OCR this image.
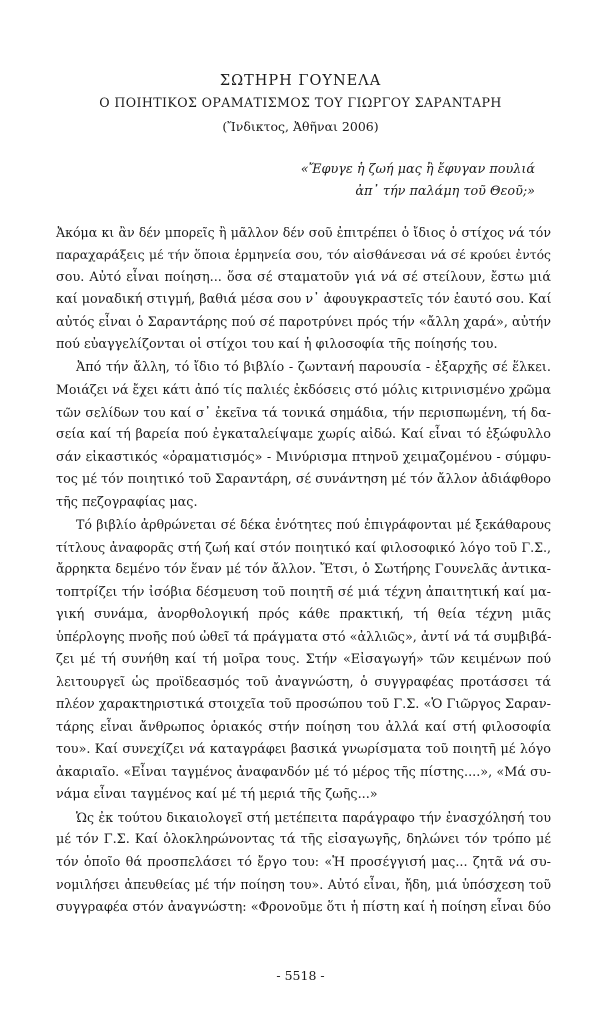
ΣΩΤΗΡΗ ΓΟΥΝΕΛΑ
Ο ΠΟΙΗΤΙΚΟΣ ΟΡΑΜΑΤΙΣΜΟΣ ΤΟΥ ΓΙΩΡΓΟΥ ΣΑΡΑΝΤΑΡΗ
(Ἴνδικτος, Ἀθῆναι 2006)
«Ἔφυγε ἡ ζωή μας ἢ ἔφυγαν πουλιά
ἀπ᾽ τήν παλάμη τοῦ Θεοῦ;»
Ἀκόμα κι ἂν δέν μπορεῖς ἢ μᾶλλον δέν σοῦ ἐπιτρέπει ὁ ἴδιος ὁ στίχος νά τόν
παραχαράξεις μέ τήν ὅποια ἑρμηνεία σου, τόν αἰσθάνεσαι νά σέ κρούει ἐντός
σου. Αὐτό εἶναι ποίηση... ὅσα σέ σταματοῦν γιά νά σέ στείλουν, ἔστω μιά
καί μοναδική στιγμή, βαθιά μέσα σου ν᾽ ἀφουγκραστεῖς τόν ἑαυτό σου. Καί
αὐτός εἶναι ὁ Σαραντάρης πού σέ παροτρύνει πρός τήν «ἄλλη χαρά», αὐτήν
πού εὐαγγελίζονται οἱ στίχοι του καί ἡ φιλοσοφία τῆς ποίησής του.
Ἀπό τήν ἄλλη, τό ἴδιο τό βιβλίο - ζωντανή παρουσία - ἐξαρχῆς σέ ἕλκει.
Μοιάζει νά ἔχει κάτι ἀπό τίς παλιές ἐκδόσεις στό μόλις κιτρινισμένο χρῶμα
τῶν σελίδων του καί σ᾽ ἐκεῖνα τά τονικά σημάδια, τήν περισπωμένη, τή δα-
σεία καί τή βαρεία πού ἐγκαταλείψαμε χωρίς αἰδώ. Καί εἶναι τό ἐξώφυλλο
σάν εἰκαστικός «ὁραματισμός» - Μινύρισμα πτηνοῦ χειμαζομένου - σύμφυ-
τος μέ τόν ποιητικό τοῦ Σαραντάρη, σέ συνάντηση μέ τόν ἄλλον ἀδιάφθορο
τῆς πεζογραφίας μας.
Τό βιβλίο ἀρθρώνεται σέ δέκα ἑνότητες πού ἐπιγράφονται μέ ξεκάθαρους
τίτλους ἀναφορᾶς στή ζωή καί στόν ποιητικό καί φιλοσοφικό λόγο τοῦ Γ.Σ.,
ἄρρηκτα δεμένο τόν ἕναν μέ τόν ἄλλον. Ἔτσι, ὁ Σωτήρης Γουνελᾶς ἀντικα-
τοπτρίζει τήν ἰσόβια δέσμευση τοῦ ποιητῆ σέ μιά τέχνη ἀπαιτητική καί μα-
γική συνάμα, ἀνορθολογική πρός κάθε πρακτική, τή θεία τέχνη μιᾶς
ὑπέρλογης πνοῆς πού ὠθεῖ τά πράγματα στό «ἀλλιῶς», ἀντί νά τά συμβιβά-
ζει μέ τή συνήθη καί τή μοῖρα τους. Στήν «Εἰσαγωγή» τῶν κειμένων πού
λειτουργεῖ ὡς προϊδεασμός τοῦ ἀναγνώστη, ὁ συγγραφέας προτάσσει τά
πλέον χαρακτηριστικά στοιχεῖα τοῦ προσώπου τοῦ Γ.Σ. «Ὁ Γιῶργος Σαραν-
τάρης εἶναι ἄνθρωπος ὁριακός στήν ποίηση του ἀλλά καί στή φιλοσοφία
του». Καί συνεχίζει νά καταγράφει βασικά γνωρίσματα τοῦ ποιητῆ μέ λόγο
ἀκαριαῖο. «Εἶναι ταγμένος ἀναφανδόν μέ τό μέρος τῆς πίστης....», «Μά συ-
νάμα εἶναι ταγμένος καί μέ τή μεριά τῆς ζωῆς...»
Ὡς ἐκ τούτου δικαιολογεῖ στή μετέπειτα παράγραφο τήν ἐνασχόλησή του
μέ τόν Γ.Σ. Καί ὁλοκληρώνοντας τά τῆς εἰσαγωγῆς, δηλώνει τόν τρόπο μέ
τόν ὁποῖο θά προσπελάσει τό ἔργο του: «Ἡ προσέγγισή μας... ζητᾶ νά συ-
νομιλήσει ἀπευθείας μέ τήν ποίηση του». Αὐτό εἶναι, ἤδη, μιά ὑπόσχεση τοῦ
συγγραφέα στόν ἀναγνώστη: «Φρονοῦμε ὅτι ἡ πίστη καί ἡ ποίηση εἶναι δύο
- 5518 -
